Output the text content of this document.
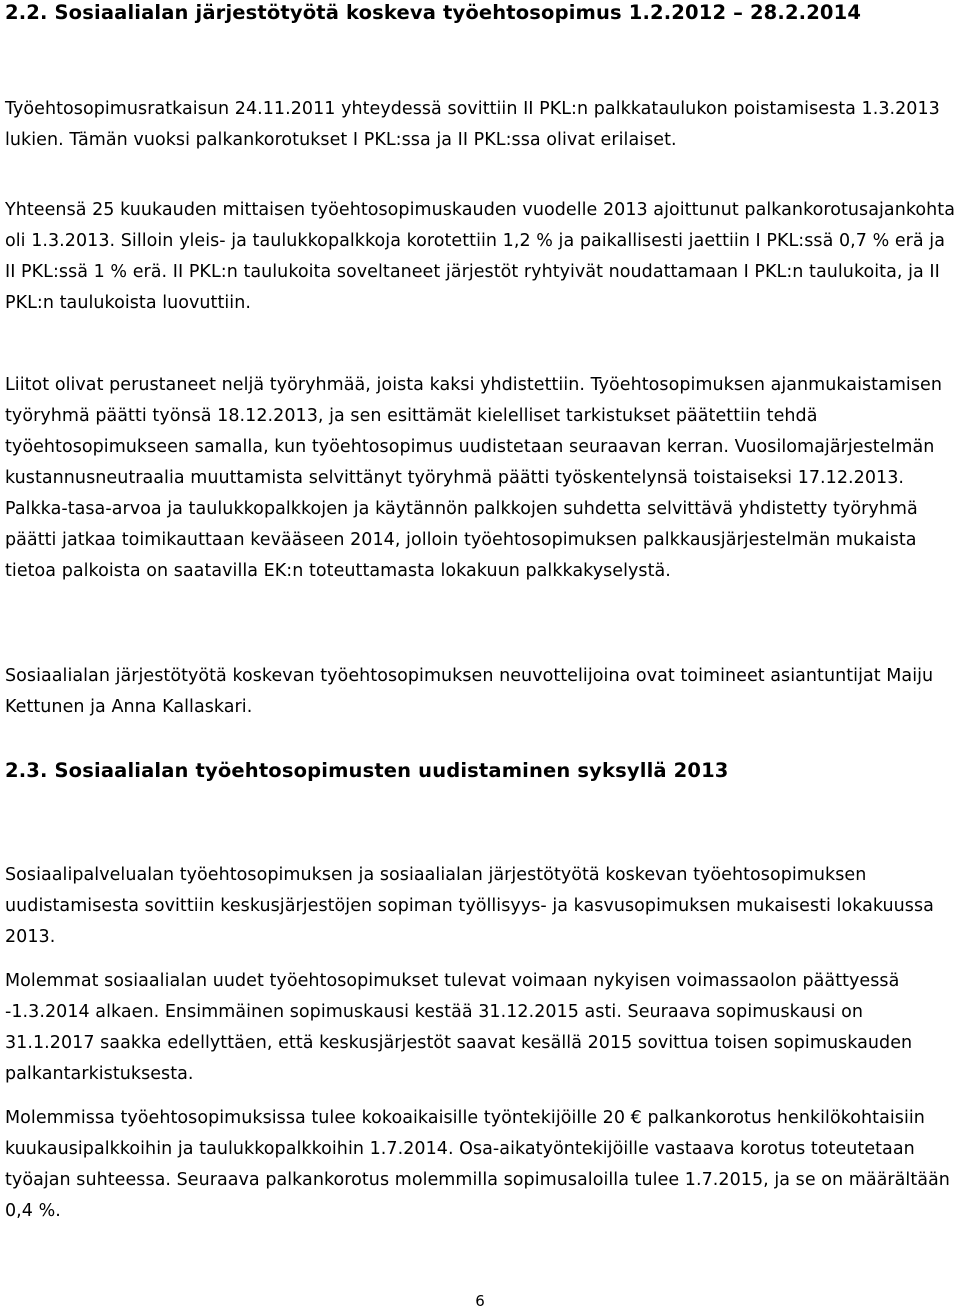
2.2. Sosiaalialan järjestötyötä koskeva työehtosopimus 1.2.2012 – 28.2.2014

Työehtosopimusratkaisun 24.11.2011 yhteydessä sovittiin II PKL:n palkkataulukon poistamisesta 1.3.2013 lukien. Tämän vuoksi palkankorotukset I PKL:ssa ja II PKL:ssa olivat erilaiset.

Yhteensä 25 kuukauden mittaisen työehtosopimuskauden vuodelle 2013 ajoittunut palkankorotusajankohta oli 1.3.2013. Silloin yleis- ja taulukkopalkkoja korotettiin 1,2 % ja paikallisesti jaettiin I PKL:ssä 0,7 % erä ja II PKL:ssä 1 % erä. II PKL:n taulukoita soveltaneet järjestöt ryhtyivät noudattamaan I PKL:n taulukoita, ja II PKL:n taulukoista luovuttiin.

Liitot olivat perustaneet neljä työryhmää, joista kaksi yhdistettiin. Työehtosopimuksen ajanmukaistamisen työryhmä päätti työnsä 18.12.2013, ja sen esittämät kielelliset tarkistukset päätettiin tehdä työehtosopimukseen samalla, kun työehtosopimus uudistetaan seuraavan kerran. Vuosilomajärjestelmän kustannusneutraalia muuttamista selvittänyt työryhmä päätti työskentelynsä toistaiseksi 17.12.2013. Palkka-tasa-arvoa ja taulukkopalkkojen ja käytännön palkkojen suhdetta selvittävä yhdistetty työryhmä päätti jatkaa toimikauttaan kevääseen 2014, jolloin työehtosopimuksen palkkausjärjestelmän mukaista tietoa palkoista on saatavilla EK:n toteuttamasta lokakuun palkkakyselystä.

Sosiaalialan järjestötyötä koskevan työehtosopimuksen neuvottelijoina ovat toimineet asiantuntijat Maiju Kettunen ja Anna Kallaskari.

2.3. Sosiaalialan työehtosopimusten uudistaminen syksyllä 2013

Sosiaalipalvelualan työehtosopimuksen ja sosiaalialan järjestötyötä koskevan työehtosopimuksen uudistamisesta sovittiin keskusjärjestöjen sopiman työllisyys- ja kasvusopimuksen mukaisesti lokakuussa 2013.

Molemmat sosiaalialan uudet työehtosopimukset tulevat voimaan nykyisen voimassaolon päättyessä -1.3.2014 alkaen. Ensimmäinen sopimuskausi kestää 31.12.2015 asti. Seuraava sopimuskausi on 31.1.2017 saakka edellyttäen, että keskusjärjestöt saavat kesällä 2015 sovittua toisen sopimuskauden palkantarkistuksesta.

Molemmissa työehtosopimuksissa tulee kokoaikaisille työntekijöille 20 € palkankorotus henkilökohtaisiin kuukausipalkkoihin ja taulukkopalkkoihin 1.7.2014. Osa-aikatyöntekijöille vastaava korotus toteutetaan työajan suhteessa. Seuraava palkankorotus molemmilla sopimusaloilla tulee 1.7.2015, ja se on määrältään 0,4 %.

6
